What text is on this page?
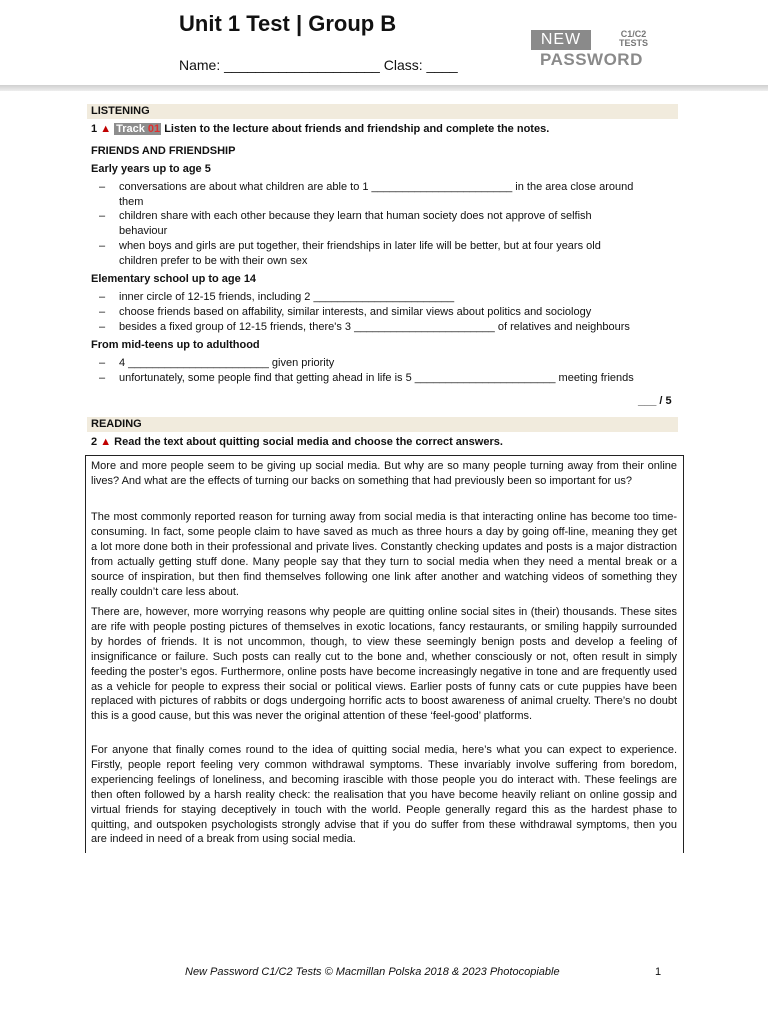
Unit 1 Test | Group B
Name: ____________________ Class: ____
NEW	C1/C2
TESTS
PASSWORD
LISTENING
1 ▲ Track 01 Listen to the lecture about friends and friendship and complete the notes.
FRIENDS AND FRIENDSHIP
Early years up to age 5
– conversations are about what children are able to 1 _______________________ in the area close around
them
– children share with each other because they learn that human society does not approve of selfish
behaviour
– when boys and girls are put together, their friendships in later life will be better, but at four years old
children prefer to be with their own sex
Elementary school up to age 14
– inner circle of 12-15 friends, including 2 _______________________
– choose friends based on affability, similar interests, and similar views about politics and sociology
– besides a fixed group of 12-15 friends, there's 3 _______________________ of relatives and neighbours
From mid-teens up to adulthood
– 4 _______________________ given priority
– unfortunately, some people find that getting ahead in life is 5 _______________________ meeting friends
___ / 5
READING
2 ▲ Read the text about quitting social media and choose the correct answers.

More and more people seem to be giving up social media. But why are so many people turning away from their online lives? And what are the effects of turning our backs on something that had previously been so important for us?

The most commonly reported reason for turning away from social media is that interacting online has become too time-consuming. In fact, some people claim to have saved as much as three hours a day by going off-line, meaning they get a lot more done both in their professional and private lives. Constantly checking updates and posts is a major distraction from actually getting stuff done. Many people say that they turn to social media when they need a mental break or a source of inspiration, but then find themselves following one link after another and watching videos of something they really couldn’t care less about.

There are, however, more worrying reasons why people are quitting online social sites in (their) thousands. These sites are rife with people posting pictures of themselves in exotic locations, fancy restaurants, or smiling happily surrounded by hordes of friends. It is not uncommon, though, to view these seemingly benign posts and develop a feeling of insignificance or failure. Such posts can really cut to the bone and, whether consciously or not, often result in simply feeding the poster’s egos. Furthermore, online posts have become increasingly negative in tone and are frequently used as a vehicle for people to express their social or political views. Earlier posts of funny cats or cute puppies have been replaced with pictures of rabbits or dogs undergoing horrific acts to boost awareness of animal cruelty. There’s no doubt this is a good cause, but this was never the original attention of these ‘feel-good’ platforms.

For anyone that finally comes round to the idea of quitting social media, here’s what you can expect to experience. Firstly, people report feeling very common withdrawal symptoms. These invariably involve suffering from boredom, experiencing feelings of loneliness, and becoming irascible with those people you do interact with. These feelings are then often followed by a harsh reality check: the realisation that you have become heavily reliant on online gossip and virtual friends for staying deceptively in touch with the world. People generally regard this as the hardest phase to quitting, and outspoken psychologists strongly advise that if you do suffer from these withdrawal symptoms, then you are indeed in need of a break from using social media.

New Password C1/C2 Tests © Macmillan Polska 2018 & 2023 Photocopiable	1
